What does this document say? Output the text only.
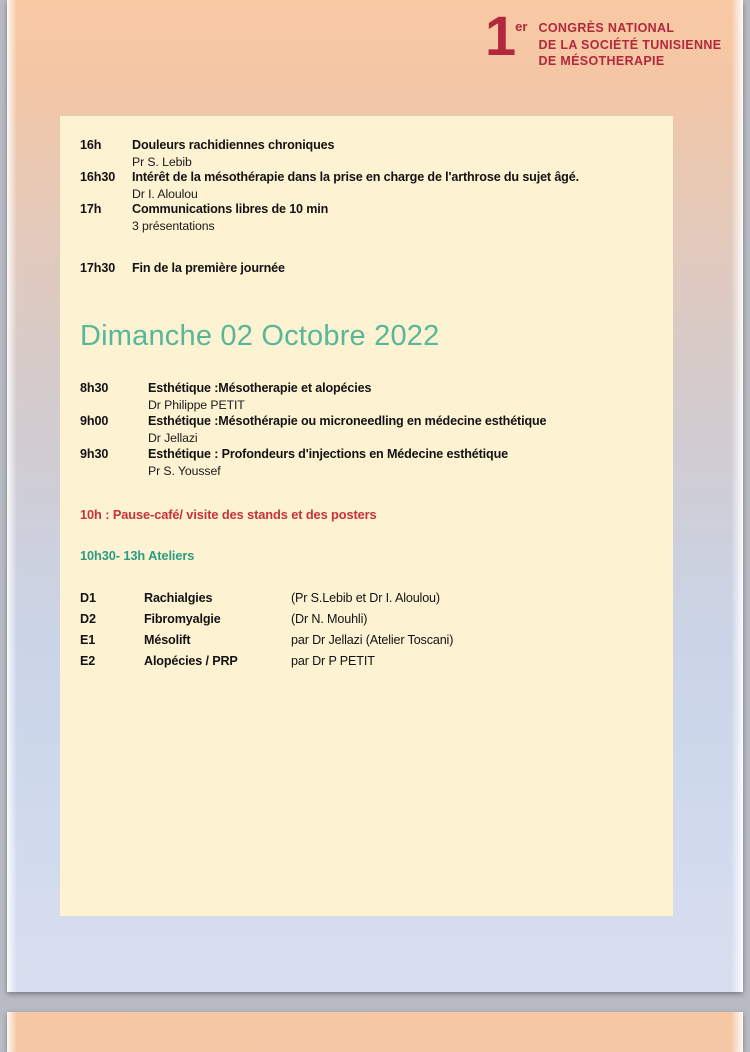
1 er CONGRÈS NATIONAL
DE LA SOCIÉTÉ TUNISIENNE
DE MÉSOTHERAPIE
16h	Douleurs rachidiennes chroniques
Pr S. Lebib
16h30	Intérêt de la mésothérapie dans la prise en charge de l'arthrose du sujet âgé.
Dr I. Aloulou
17h	Communications libres de 10 min
3 présentations
17h30	Fin de la première journée
Dimanche 02 Octobre 2022
8h30	Esthétique :Mésotherapie et alopécies
Dr Philippe PETIT
9h00	Esthétique :Mésothérapie ou microneedling en médecine esthétique
Dr Jellazi
9h30	Esthétique : Profondeurs d'injections en Médecine esthétique
Pr S. Youssef
10h : Pause-café/ visite des stands et des posters
10h30- 13h Ateliers
D1	Rachialgies	(Pr S.Lebib et Dr I. Aloulou)
D2	Fibromyalgie	(Dr N. Mouhli)
E1	Mésolift	par Dr Jellazi (Atelier Toscani)
E2	Alopécies / PRP	par Dr P PETIT
